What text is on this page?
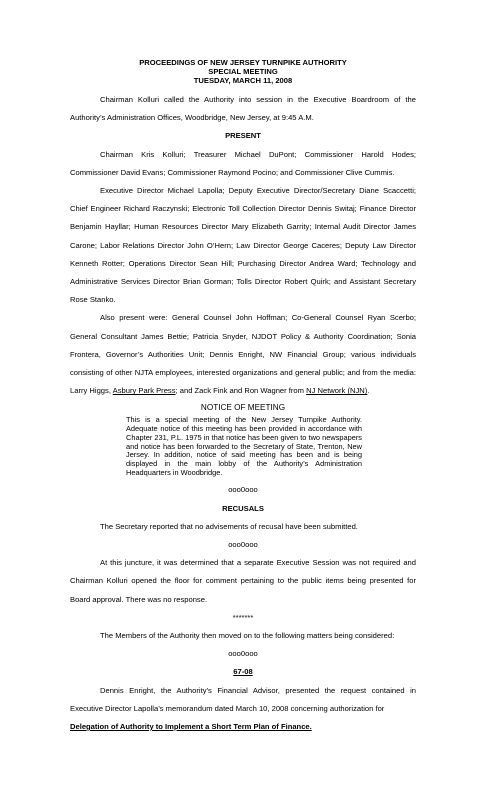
PROCEEDINGS OF NEW JERSEY TURNPIKE AUTHORITY
SPECIAL MEETING
TUESDAY, MARCH 11, 2008
Chairman Kolluri called the Authority into session in the Executive Boardroom of the Authority’s Administration Offices, Woodbridge, New Jersey, at 9:45 A.M.
PRESENT
Chairman Kris Kolluri; Treasurer Michael DuPont; Commissioner Harold Hodes; Commissioner David Evans; Commissioner Raymond Pocino; and Commissioner Clive Cummis.
Executive Director Michael Lapolla; Deputy Executive Director/Secretary Diane Scaccetti; Chief Engineer Richard Raczynski; Electronic Toll Collection Director Dennis Switaj; Finance Director Benjamin Hayllar; Human Resources Director Mary Elizabeth Garrity; Internal Audit Director James Carone; Labor Relations Director John O’Hern; Law Director George Caceres; Deputy Law Director Kenneth Rotter; Operations Director Sean Hill; Purchasing Director Andrea Ward; Technology and Administrative Services Director Brian Gorman; Tolls Director Robert Quirk; and Assistant Secretary Rose Stanko.
Also present were: General Counsel John Hoffman; Co-General Counsel Ryan Scerbo; General Consultant James Bettie; Patricia Snyder, NJDOT Policy & Authority Coordination; Sonia Frontera, Governor’s Authorities Unit; Dennis Enright, NW Financial Group; various individuals consisting of other NJTA employees, interested organizations and general public; and from the media: Larry Higgs, Asbury Park Press; and Zack Fink and Ron Wagner from NJ Network (NJN).
NOTICE OF MEETING
This is a special meeting of the New Jersey Turnpike Authority. Adequate notice of this meeting has been provided in accordance with Chapter 231, P.L. 1975 in that notice has been given to two newspapers and notice has been forwarded to the Secretary of State, Trenton, New Jersey. In addition, notice of said meeting has been and is being displayed in the main lobby of the Authority’s Administration Headquarters in Woodbridge.
ooo0ooo
RECUSALS
The Secretary reported that no advisements of recusal have been submitted.
ooo0ooo
At this juncture, it was determined that a separate Executive Session was not required and Chairman Kolluri opened the floor for comment pertaining to the public items being presented for Board approval. There was no response.
*******
The Members of the Authority then moved on to the following matters being considered:
ooo0ooo
67-08
Dennis Enright, the Authority’s Financial Advisor, presented the request contained in Executive Director Lapolla’s memorandum dated March 10, 2008 concerning authorization for
Delegation of Authority to Implement a Short Term Plan of Finance.
